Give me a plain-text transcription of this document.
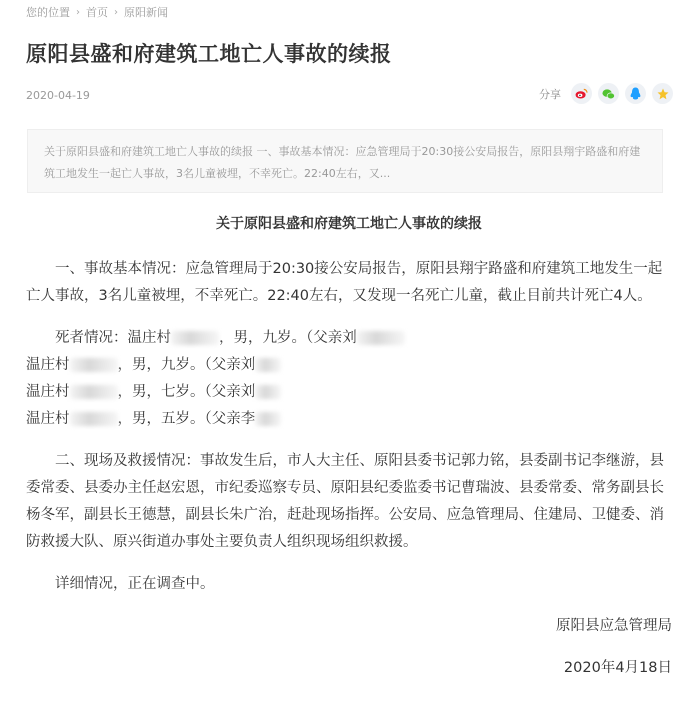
您的位置 › 首页 › 原阳新闻
原阳县盛和府建筑工地亡人事故的续报
2020-04-19	分享
关于原阳县盛和府建筑工地亡人事故的续报 一、事故基本情况：应急管理局于20:30接公安局报告，原阳县翔宇路盛和府建筑工地发生一起亡人事故，3名儿童被埋，不幸死亡。22:40左右，又...
关于原阳县盛和府建筑工地亡人事故的续报

一、事故基本情况：应急管理局于20:30接公安局报告，原阳县翔宇路盛和府建筑工地发生一起亡人事故，3名儿童被埋，不幸死亡。22:40左右，又发现一名死亡儿童，截止目前共计死亡4人。

死者情况：温庄村	，男，九岁。（父亲刘

温庄村	，男，九岁。（父亲刘

温庄村	，男，七岁。（父亲刘

温庄村	，男，五岁。（父亲李

二、现场及救援情况：事故发生后，市人大主任、原阳县委书记郭力铭，县委副书记李继游，县委常委、县委办主任赵宏恩，市纪委巡察专员、原阳县纪委监委书记曹瑞波、县委常委、常务副县长杨冬军，副县长王德慧，副县长朱广治，赶赴现场指挥。公安局、应急管理局、住建局、卫健委、消防救援大队、原兴街道办事处主要负责人组织现场组织救援。

详细情况，正在调查中。

原阳县应急管理局

2020年4月18日
